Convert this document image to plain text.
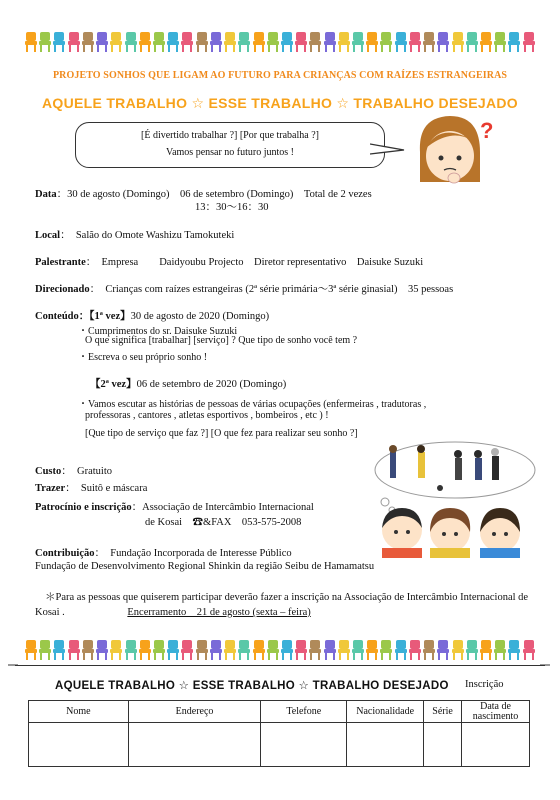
PROJETO SONHOS QUE LIGAM AO FUTURO PARA CRIANÇAS COM RAÍZES ESTRANGEIRAS
AQUELE TRABALHO ☆ ESSE TRABALHO ☆ TRABALHO DESEJADO
[É divertido trabalhar ?] [Por que trabalha ?]
Vamos pensar no futuro juntos !
?
Data：30 de agosto (Domingo)　06 de setembro (Domingo)　Total de 2 vezes
13：30～16：30
Local：　Salão do Omote Washizu Tamokuteki
Palestrante：　Empresa　　Daidyoubu Projecto　Diretor representativo　Daisuke Suzuki
Direcionado：　Crianças com raízes estrangeiras (2ª série primária～3ª série ginasial)　35 pessoas
Conteúdo：【1ª vez】30 de agosto de 2020 (Domingo)
・Cumprimentos do sr. Daisuke Suzuki
O que significa [trabalhar] [serviço] ? Que tipo de sonho você tem ?
・Escreva o seu próprio sonho !
【2ª vez】06 de setembro de 2020 (Domingo)
・Vamos escutar as histórias de pessoas de várias ocupações (enfermeiras , tradutoras ,
professoras , cantores , atletas esportivos , bombeiros , etc ) !
[Que tipo de serviço que faz ?] [O que fez para realizar seu sonho ?]
Custo：　Gratuito
Trazer：　Suitô e máscara
Patrocínio e inscrição：Associação de Intercâmbio Internacional
de Kosai　☎&FAX　053-575-2008
Contribuição：　Fundação Incorporada de Interesse Público
Fundação de Desenvolvimento Regional Shinkin da região Seibu de Hamamatsu
＊Para as pessoas que quiserem participar deverão fazer a inscrição na Associação de Intercâmbio Internacional de Kosai .	Encerramento　21 de agosto (sexta – feira)
AQUELE TRABALHO ☆ ESSE TRABALHO ☆ TRABALHO DESEJADO Inscrição
Nome	Endereço	Telefone	Nacionalidade	Série	Data de nascimento
